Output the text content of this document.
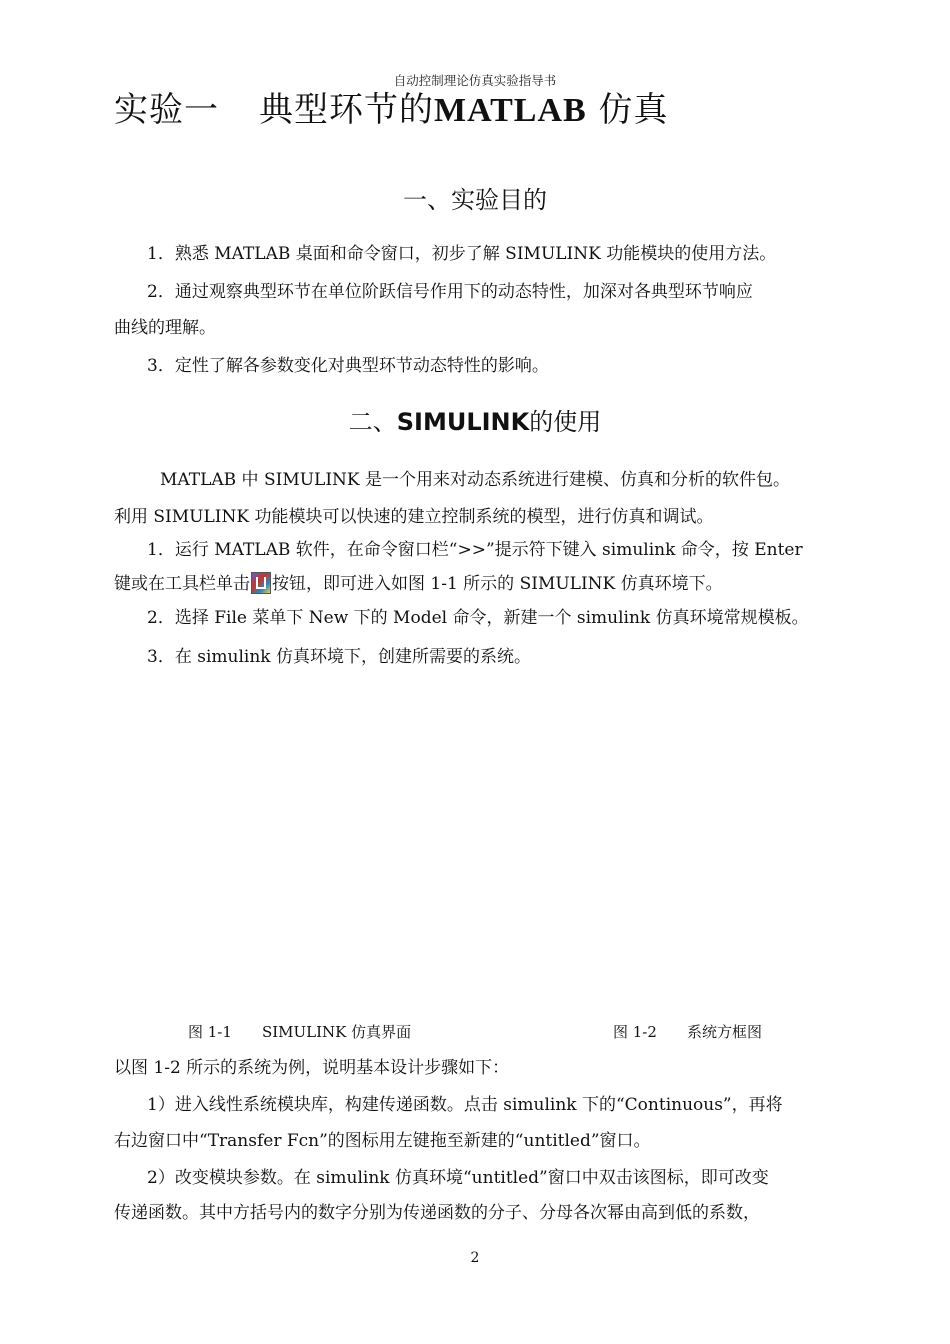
自动控制理论仿真实验指导书
实验一 典型环节的MATLAB 仿真
一、实验目的
1．熟悉 MATLAB 桌面和命令窗口，初步了解 SIMULINK 功能模块的使用方法。
2．通过观察典型环节在单位阶跃信号作用下的动态特性，加深对各典型环节响应
曲线的理解。
3．定性了解各参数变化对典型环节动态特性的影响。
二、SIMULINK的使用
MATLAB 中 SIMULINK 是一个用来对动态系统进行建模、仿真和分析的软件包。
利用 SIMULINK 功能模块可以快速的建立控制系统的模型，进行仿真和调试。
1．运行 MATLAB 软件，在命令窗口栏“>>”提示符下键入 simulink 命令，按 Enter
键或在工具栏单击 按钮，即可进入如图 1-1 所示的 SIMULINK 仿真环境下。
2．选择 File 菜单下 New 下的 Model 命令，新建一个 simulink 仿真环境常规模板。
3．在 simulink 仿真环境下，创建所需要的系统。
图 1-1 SIMULINK 仿真界面	图 1-2 系统方框图
以图 1-2 所示的系统为例，说明基本设计步骤如下：
1）进入线性系统模块库，构建传递函数。点击 simulink 下的“Continuous”，再将
右边窗口中“Transfer Fcn”的图标用左键拖至新建的“untitled”窗口。
2）改变模块参数。在 simulink 仿真环境“untitled”窗口中双击该图标，即可改变
传递函数。其中方括号内的数字分别为传递函数的分子、分母各次幂由高到低的系数，
2
